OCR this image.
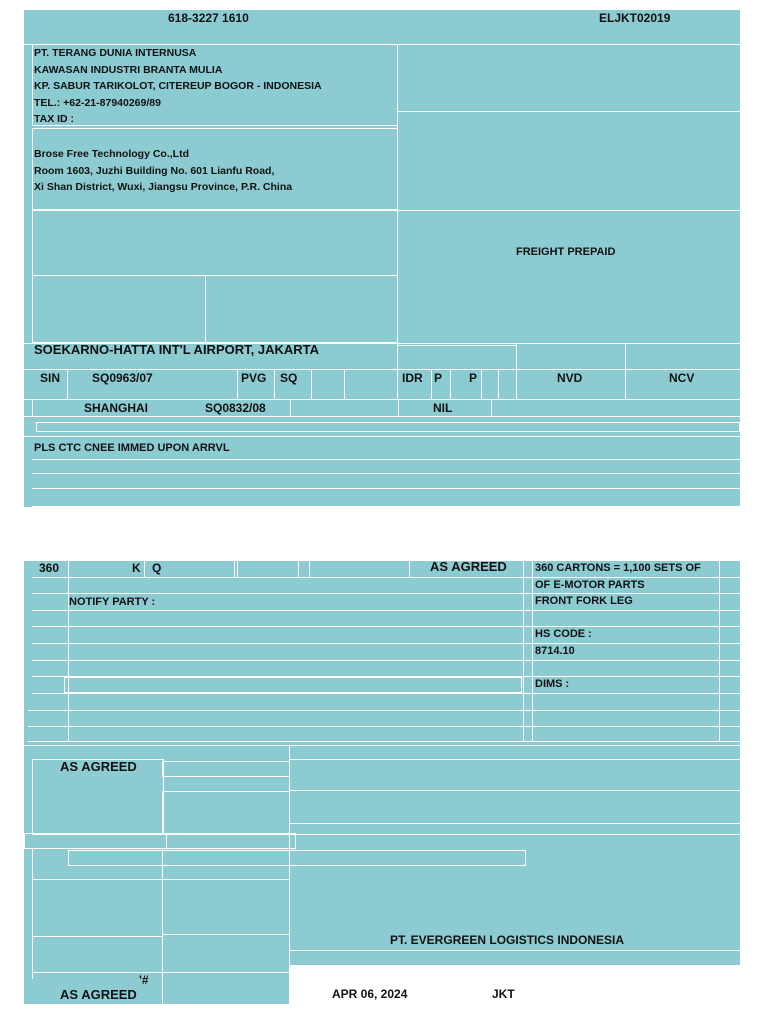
618-3227 1610	ELJKT02019
PT. TERANG DUNIA INTERNUSA
KAWASAN INDUSTRI BRANTA MULIA
KP. SABUR TARIKOLOT, CITEREUP BOGOR - INDONESIA
TEL.: +62-21-87940269/89
TAX ID :
Brose Free Technology Co.,Ltd
Room 1603, Juzhi Building No. 601 Lianfu Road,
Xi Shan District, Wuxi, Jiangsu Province, P.R. China
FREIGHT PREPAID
SOEKARNO-HATTA INT'L AIRPORT, JAKARTA
SIN	SQ0963/07	PVG SQ	IDR P P	NVD	NCV
SHANGHAI	SQ0832/08	NIL
PLS CTC CNEE IMMED UPON ARRVL
360	K Q	AS AGREED
NOTIFY PARTY :
360 CARTONS = 1,100 SETS OF
OF E-MOTOR PARTS
FRONT FORK LEG
HS CODE :
8714.10
DIMS :
AS AGREED
PT. EVERGREEN LOGISTICS INDONESIA
'#
AS AGREED	APR 06, 2024	JKT
